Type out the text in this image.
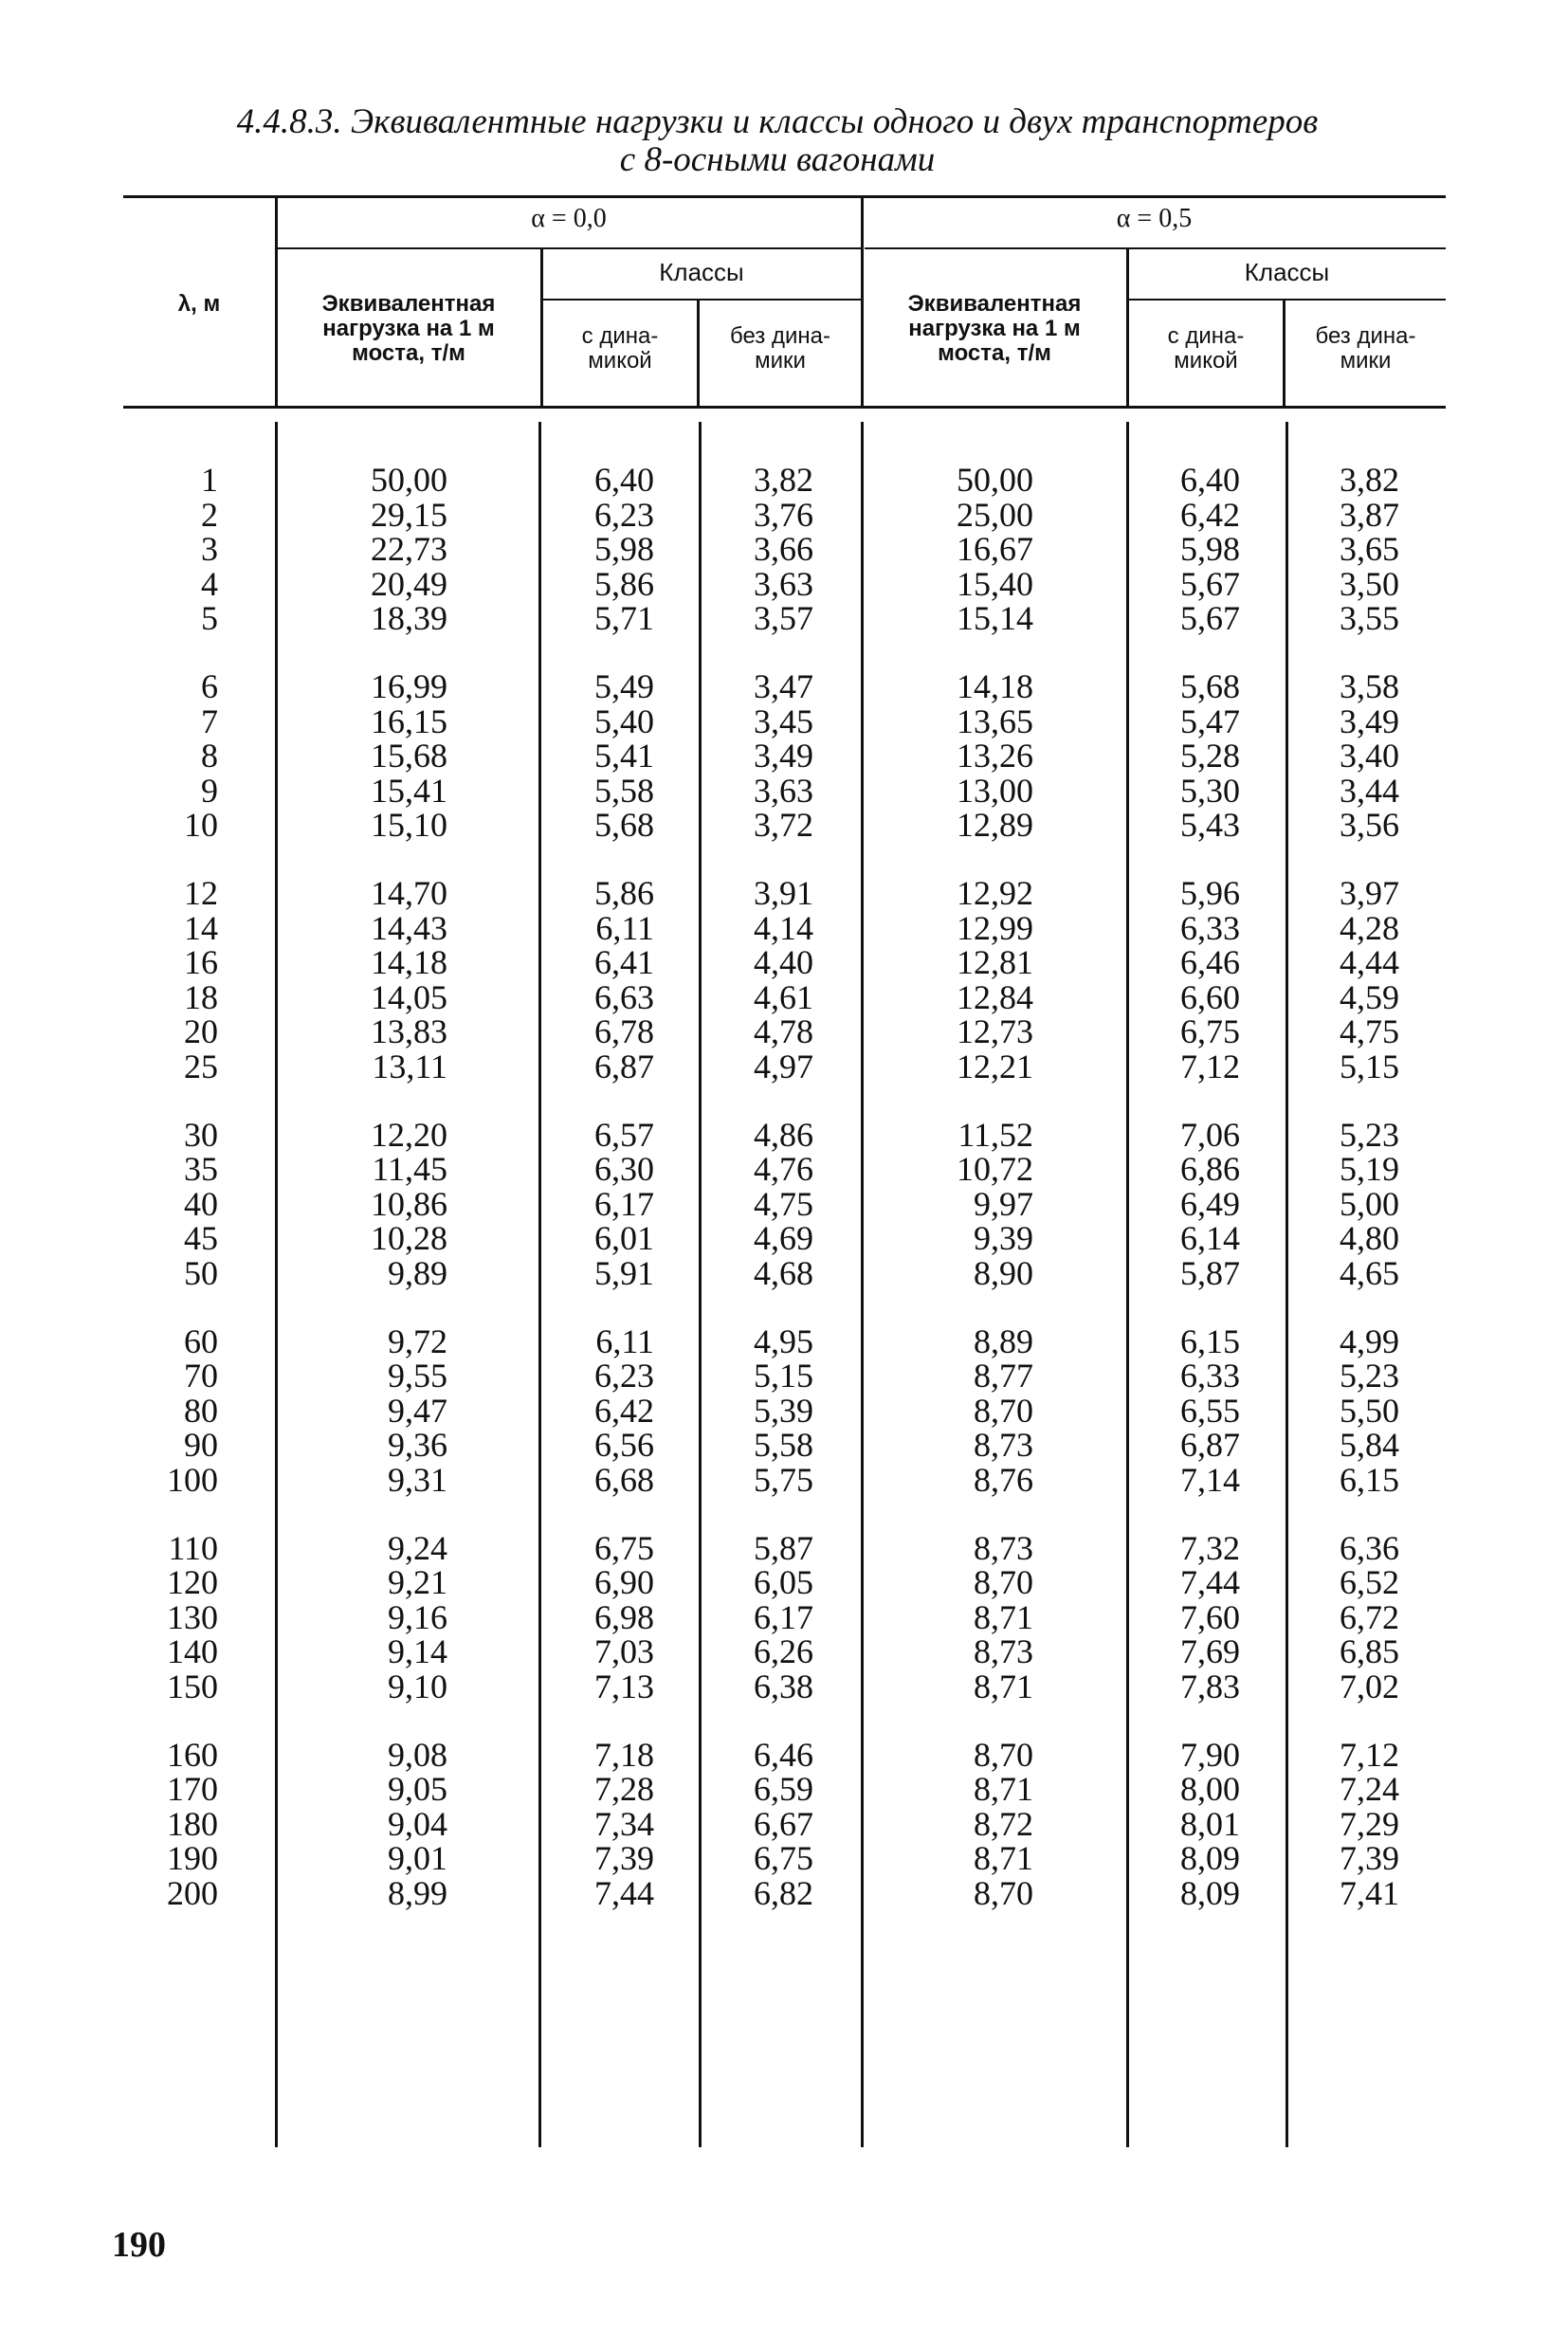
4.4.8.3. Эквивалентные нагрузки и классы одного и двух транспортеров
с 8-осными вагонами
λ, м
α = 0,0	α = 0,5
Классы	Классы
Эквивалентная
нагрузка на 1 м
моста, т/м
Эквивалентная
нагрузка на 1 м
моста, т/м
с дина-
микой
без дина-
мики
с дина-
микой
без дина-
мики
1
2
3
4
5
6
7
8
9
10
12
14
16
18
20
25
30
35
40
45
50
60
70
80
90
100
110
120
130
140
150
160
170
180
190
200
50,00
29,15
22,73
20,49
18,39
16,99
16,15
15,68
15,41
15,10
14,70
14,43
14,18
14,05
13,83
13,11
12,20
11,45
10,86
10,28
9,89
9,72
9,55
9,47
9,36
9,31
9,24
9,21
9,16
9,14
9,10
9,08
9,05
9,04
9,01
8,99
6,40
6,23
5,98
5,86
5,71
5,49
5,40
5,41
5,58
5,68
5,86
6,11
6,41
6,63
6,78
6,87
6,57
6,30
6,17
6,01
5,91
6,11
6,23
6,42
6,56
6,68
6,75
6,90
6,98
7,03
7,13
7,18
7,28
7,34
7,39
7,44
3,82
3,76
3,66
3,63
3,57
3,47
3,45
3,49
3,63
3,72
3,91
4,14
4,40
4,61
4,78
4,97
4,86
4,76
4,75
4,69
4,68
4,95
5,15
5,39
5,58
5,75
5,87
6,05
6,17
6,26
6,38
6,46
6,59
6,67
6,75
6,82
50,00
25,00
16,67
15,40
15,14
14,18
13,65
13,26
13,00
12,89
12,92
12,99
12,81
12,84
12,73
12,21
11,52
10,72
9,97
9,39
8,90
8,89
8,77
8,70
8,73
8,76
8,73
8,70
8,71
8,73
8,71
8,70
8,71
8,72
8,71
8,70
6,40
6,42
5,98
5,67
5,67
5,68
5,47
5,28
5,30
5,43
5,96
6,33
6,46
6,60
6,75
7,12
7,06
6,86
6,49
6,14
5,87
6,15
6,33
6,55
6,87
7,14
7,32
7,44
7,60
7,69
7,83
7,90
8,00
8,01
8,09
8,09
3,82
3,87
3,65
3,50
3,55
3,58
3,49
3,40
3,44
3,56
3,97
4,28
4,44
4,59
4,75
5,15
5,23
5,19
5,00
4,80
4,65
4,99
5,23
5,50
5,84
6,15
6,36
6,52
6,72
6,85
7,02
7,12
7,24
7,29
7,39
7,41
190
